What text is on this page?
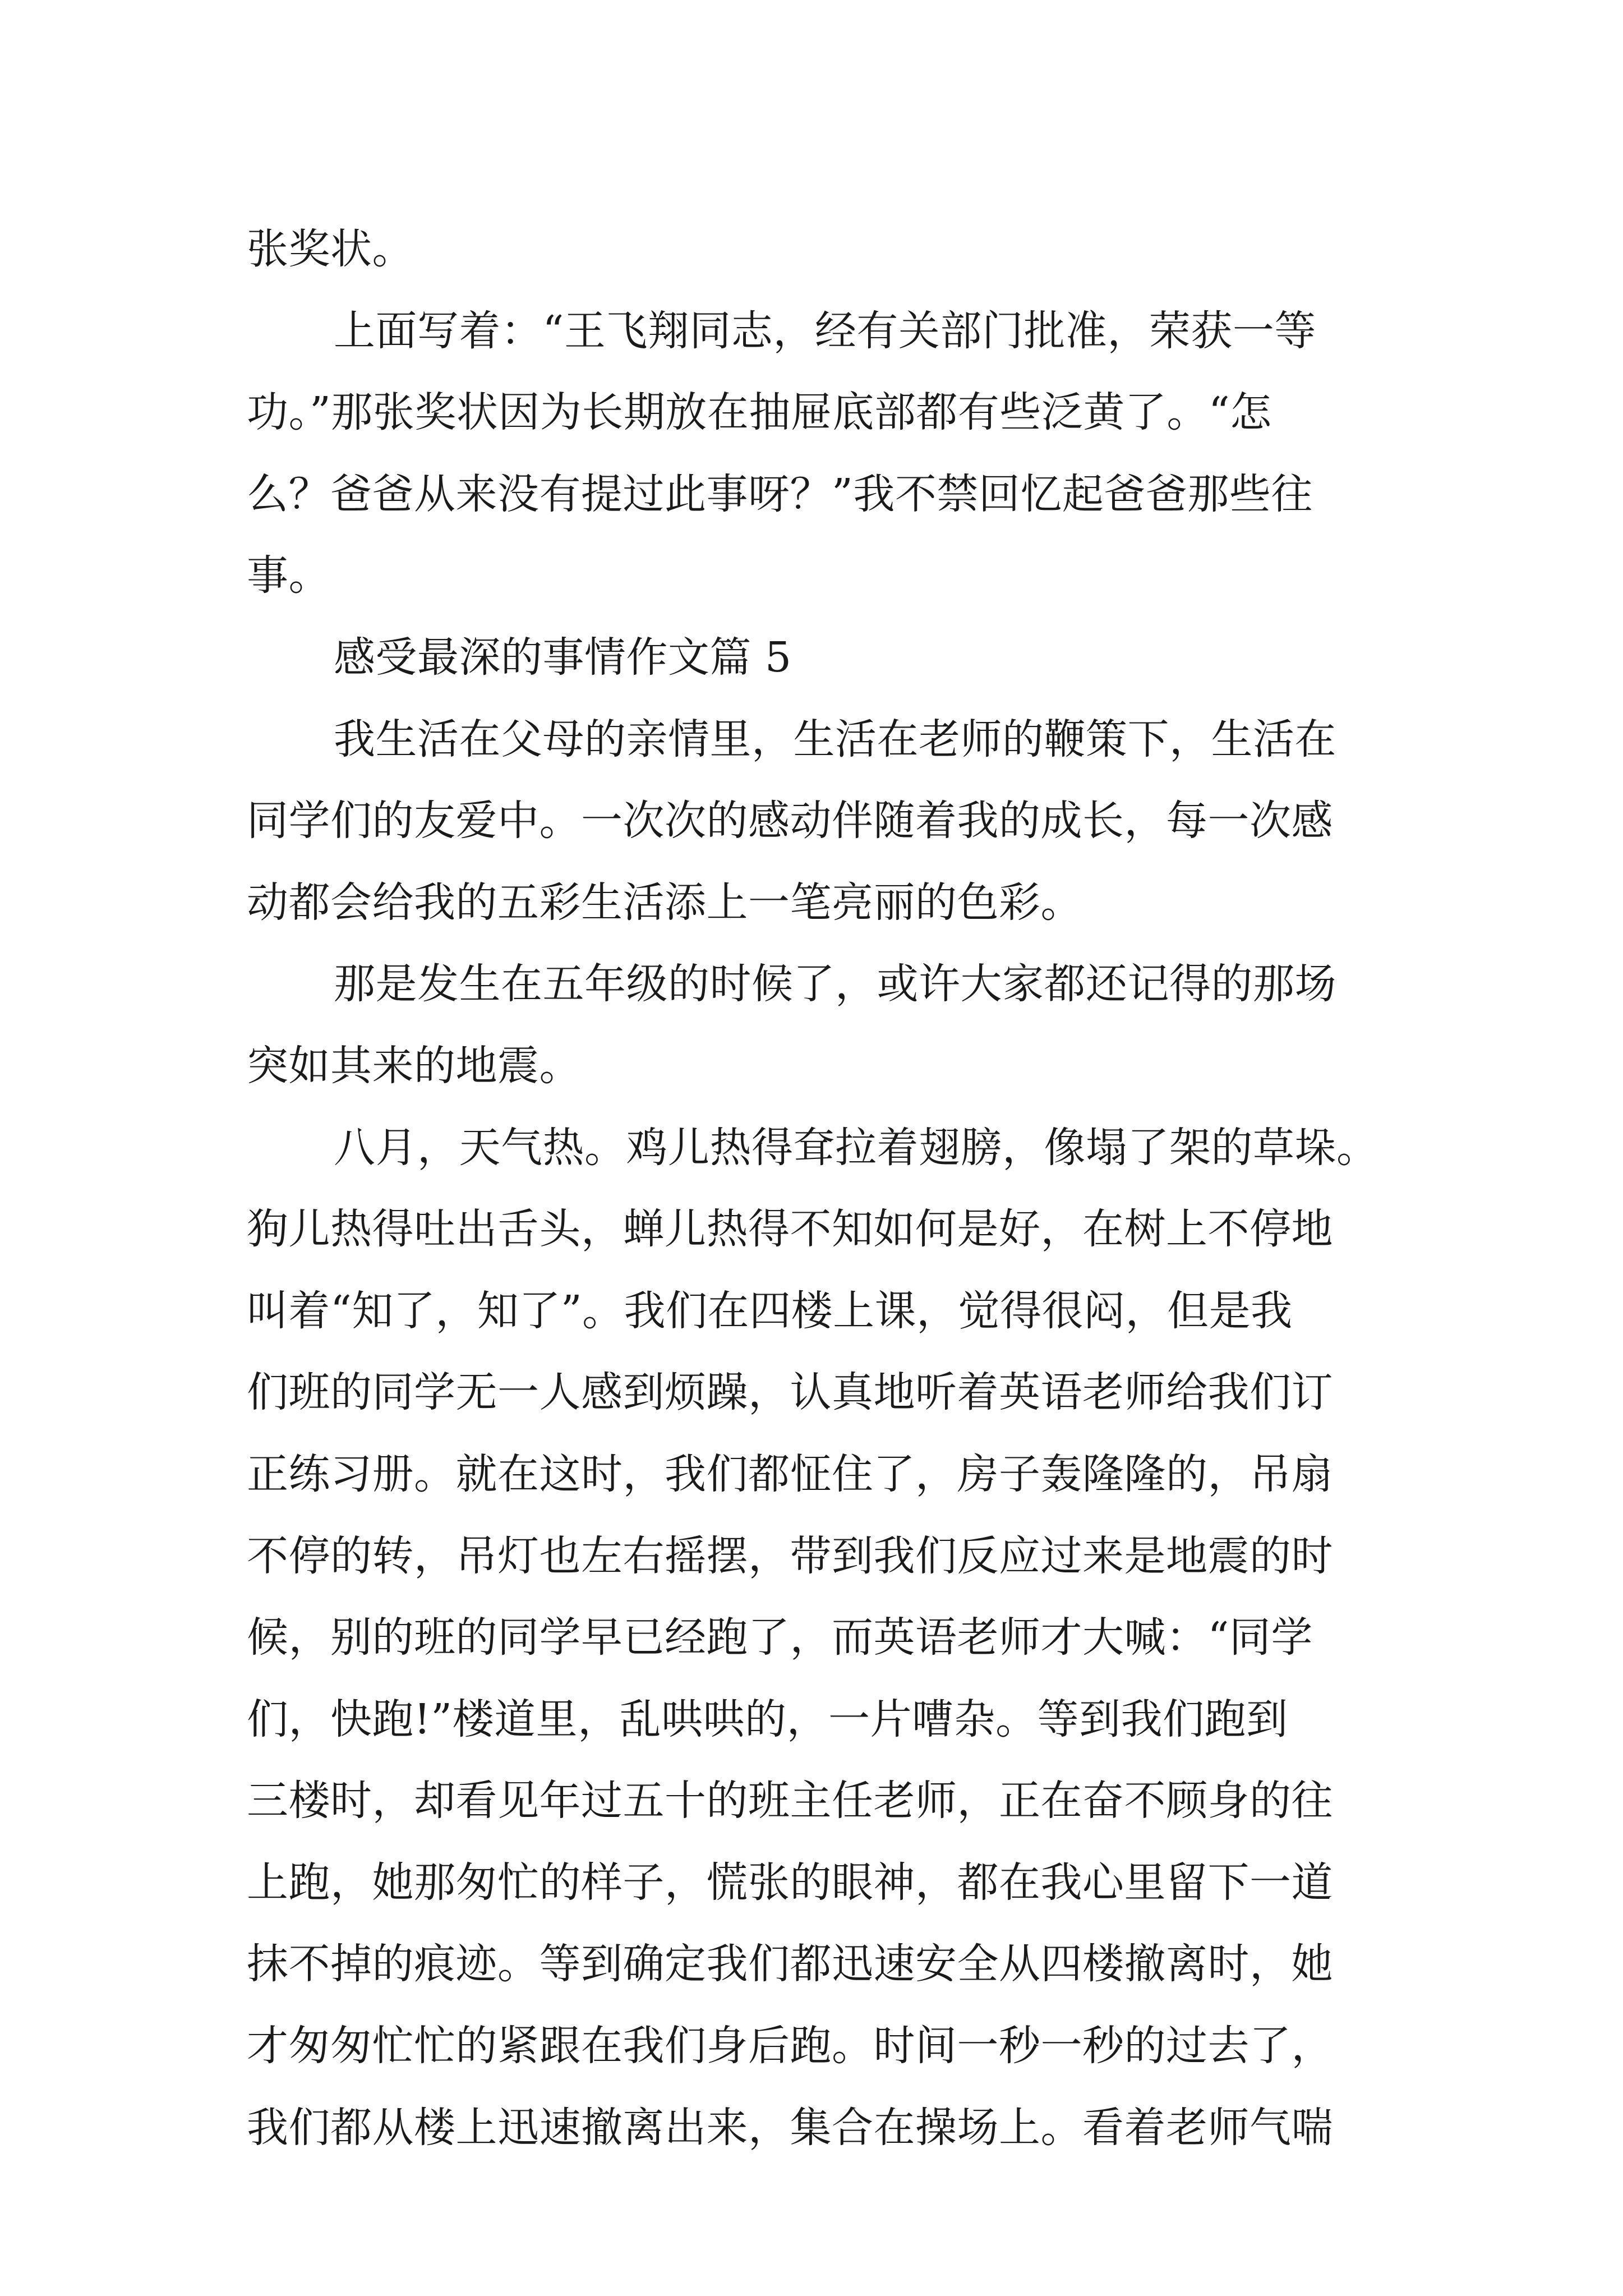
张奖状。
上面写着：“王飞翔同志，经有关部门批准，荣获一等
功。”那张奖状因为长期放在抽屉底部都有些泛黄了。“怎
么？爸爸从来没有提过此事呀？”我不禁回忆起爸爸那些往
事。
感受最深的事情作文篇 5
我生活在父母的亲情里，生活在老师的鞭策下，生活在
同学们的友爱中。一次次的感动伴随着我的成长，每一次感
动都会给我的五彩生活添上一笔亮丽的色彩。
那是发生在五年级的时候了，或许大家都还记得的那场
突如其来的地震。
八月，天气热。鸡儿热得耷拉着翅膀，像塌了架的草垛。
狗儿热得吐出舌头，蝉儿热得不知如何是好，在树上不停地
叫着“知了，知了”。我们在四楼上课，觉得很闷，但是我
们班的同学无一人感到烦躁，认真地听着英语老师给我们订
正练习册。就在这时，我们都怔住了，房子轰隆隆的，吊扇
不停的转，吊灯也左右摇摆，带到我们反应过来是地震的时
候，别的班的同学早已经跑了，而英语老师才大喊：“同学
们，快跑!”楼道里，乱哄哄的，一片嘈杂。等到我们跑到
三楼时，却看见年过五十的班主任老师，正在奋不顾身的往
上跑，她那匆忙的样子，慌张的眼神，都在我心里留下一道
抹不掉的痕迹。等到确定我们都迅速安全从四楼撤离时，她
才匆匆忙忙的紧跟在我们身后跑。时间一秒一秒的过去了，
我们都从楼上迅速撤离出来，集合在操场上。看着老师气喘
